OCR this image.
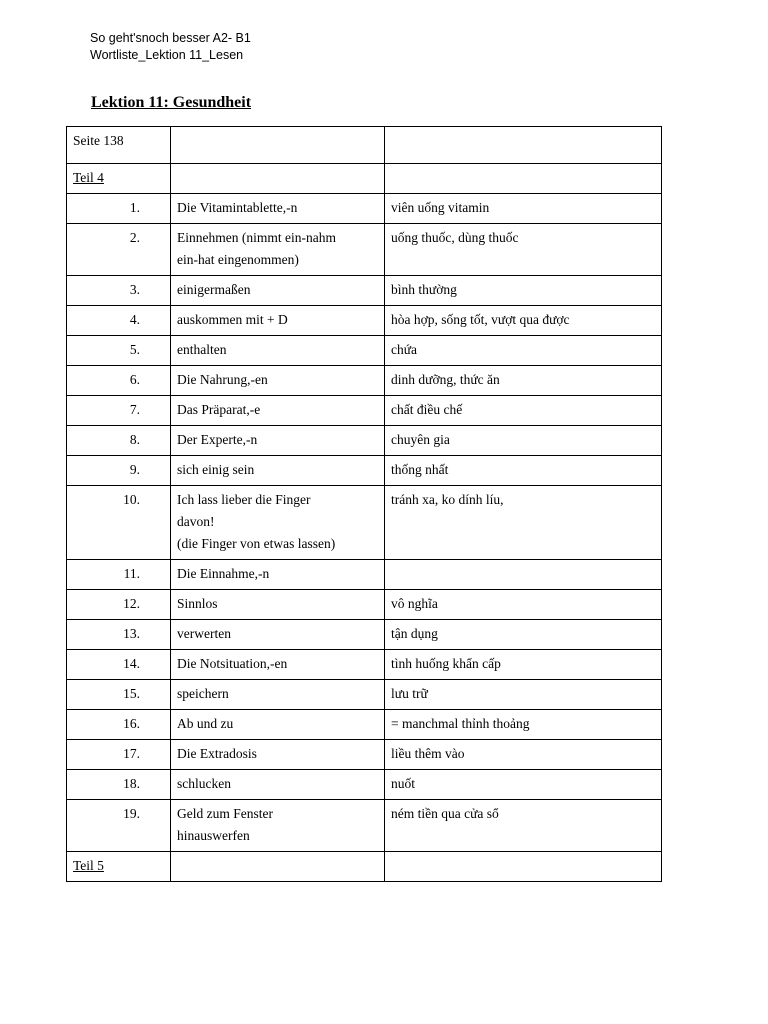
So geht'snoch besser A2- B1
Wortliste_Lektion 11_Lesen
Lektion 11: Gesundheit
Seite 138		
Teil 4		
1.	Die Vitamintablette,-n	viên uống vitamin
2.	Einnehmen (nimmt ein-nahm
ein-hat eingenommen)	uống thuốc, dùng thuốc
3.	einigermaßen	bình thường
4.	auskommen mit + D	hòa hợp, sống tốt, vượt qua được
5.	enthalten	chứa
6.	Die Nahrung,-en	dinh dưỡng, thức ăn
7.	Das Präparat,-e	chất điều chế
8.	Der Experte,-n	chuyên gia
9.	sich einig sein	thống nhất
10.	Ich lass lieber die Finger
davon!
(die Finger von etwas lassen)	tránh xa, ko dính líu,
11.	Die Einnahme,-n	

12.	Sinnlos	vô nghĩa
13.	verwerten	tận dụng
14.	Die Notsituation,-en	tình huống khẩn cấp
15.	speichern	lưu trữ
16.	Ab und zu	= manchmal thỉnh thoảng
17.	Die Extradosis	liều thêm vào
18.	schlucken	nuốt
19.	Geld zum Fenster
hinauswerfen	ném tiền qua cửa sổ
Teil 5		
